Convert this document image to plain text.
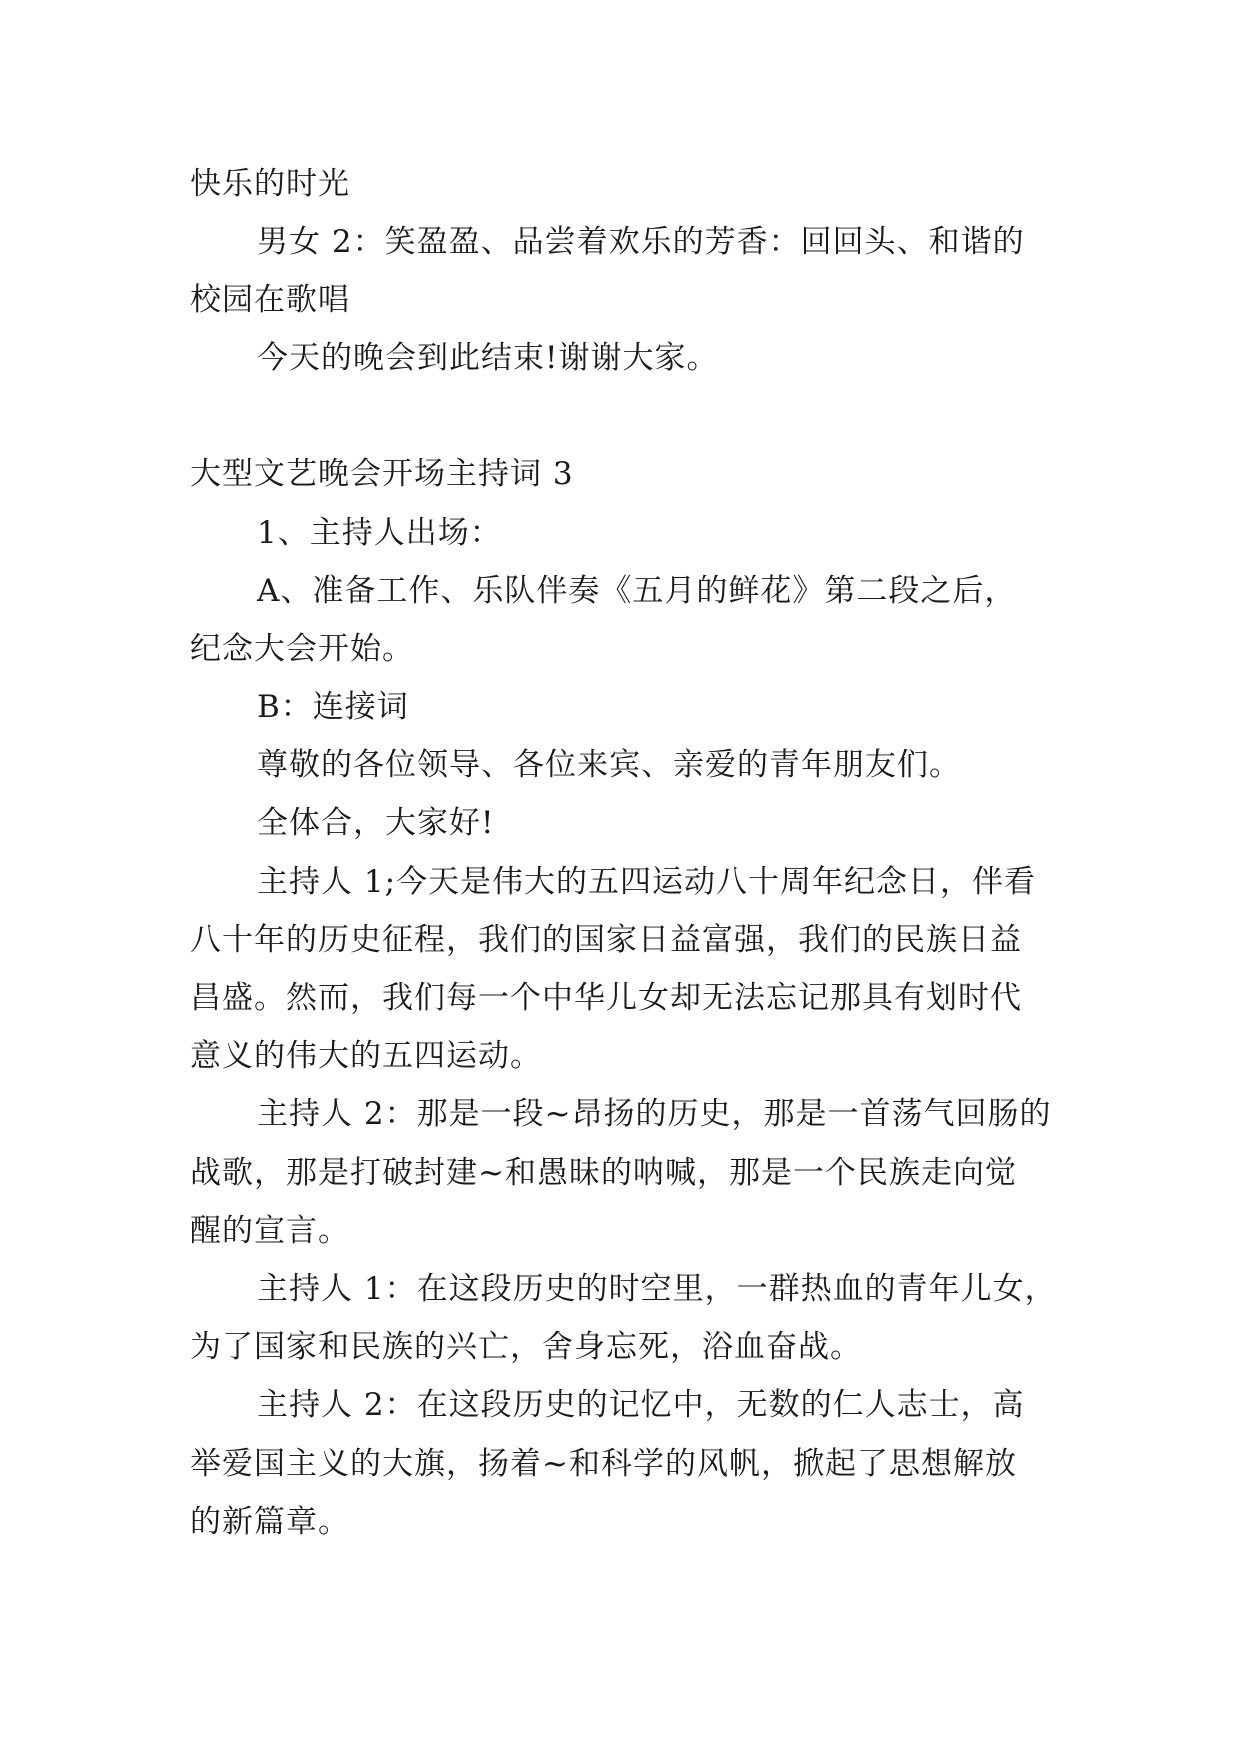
快乐的时光
男女 2：笑盈盈、品尝着欢乐的芳香：回回头、和谐的
校园在歌唱
今天的晚会到此结束!谢谢大家。
大型文艺晚会开场主持词 3
1、主持人出场：
A、准备工作、乐队伴奏《五月的鲜花》第二段之后，
纪念大会开始。
B：连接词
尊敬的各位领导、各位来宾、亲爱的青年朋友们。
全体合，大家好!
主持人 1;今天是伟大的五四运动八十周年纪念日，伴看
八十年的历史征程，我们的国家日益富强，我们的民族日益
昌盛。然而，我们每一个中华儿女却无法忘记那具有划时代
意义的伟大的五四运动。
主持人 2：那是一段~昂扬的历史，那是一首荡气回肠的
战歌，那是打破封建~和愚昧的呐喊，那是一个民族走向觉
醒的宣言。
主持人 1：在这段历史的时空里，一群热血的青年儿女，
为了国家和民族的兴亡，舍身忘死，浴血奋战。
主持人 2：在这段历史的记忆中，无数的仁人志士，高
举爱国主义的大旗，扬着~和科学的风帆，掀起了思想解放
的新篇章。
